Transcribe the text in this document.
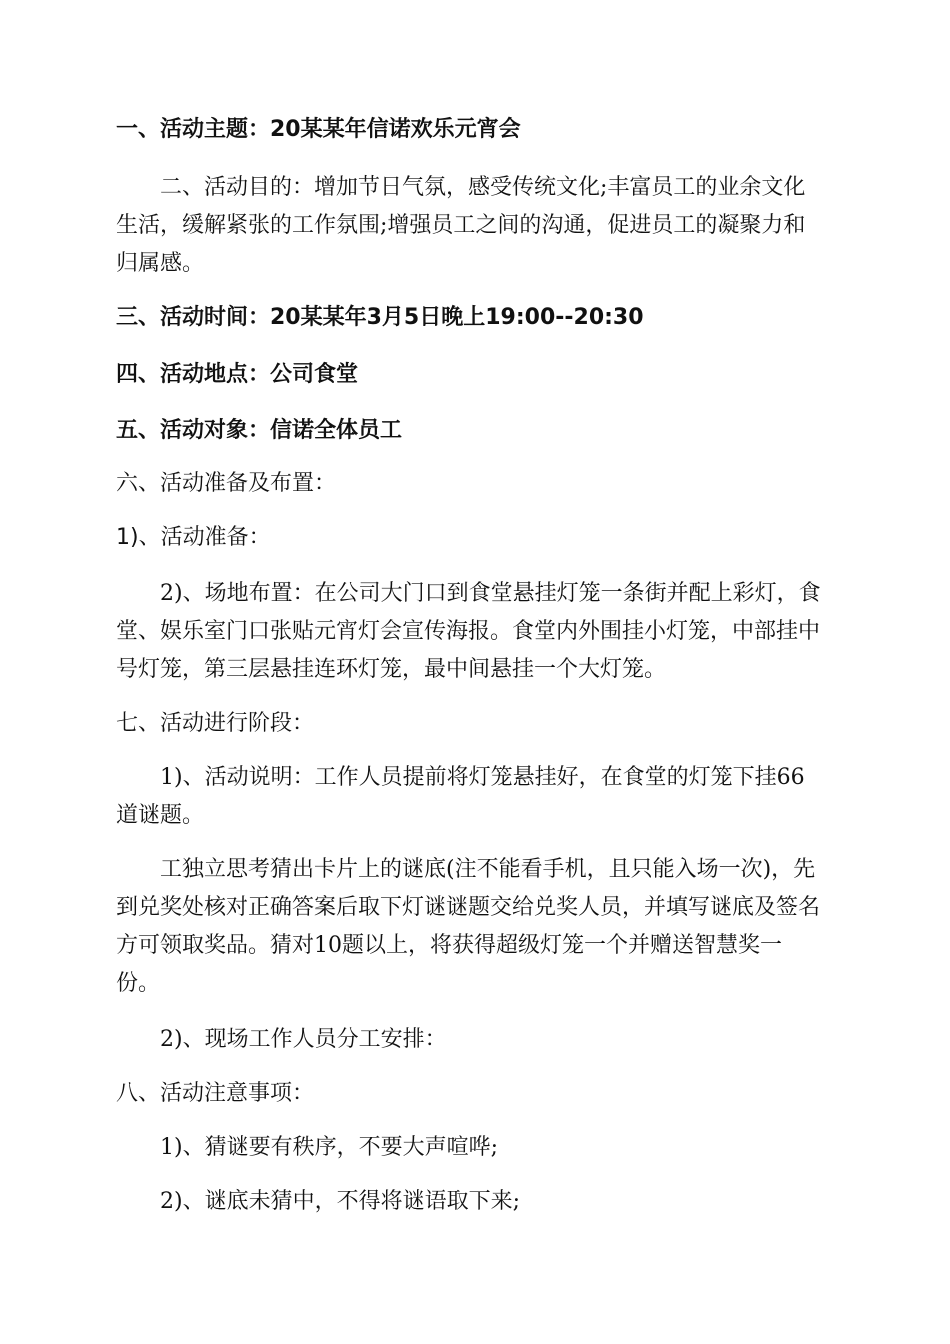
一、活动主题：20某某年信诺欢乐元宵会
二、活动目的：增加节日气氛，感受传统文化;丰富员工的业余文化
生活，缓解紧张的工作氛围;增强员工之间的沟通，促进员工的凝聚力和
归属感。
三、活动时间：20某某年3月5日晚上19:00--20:30
四、活动地点：公司食堂
五、活动对象：信诺全体员工
六、活动准备及布置：
1)、活动准备：
2)、场地布置：在公司大门口到食堂悬挂灯笼一条街并配上彩灯，食
堂、娱乐室门口张贴元宵灯会宣传海报。食堂内外围挂小灯笼，中部挂中
号灯笼，第三层悬挂连环灯笼，最中间悬挂一个大灯笼。
七、活动进行阶段：
1)、活动说明：工作人员提前将灯笼悬挂好，在食堂的灯笼下挂66
道谜题。
工独立思考猜出卡片上的谜底(注不能看手机，且只能入场一次)，先
到兑奖处核对正确答案后取下灯谜谜题交给兑奖人员，并填写谜底及签名
方可领取奖品。猜对10题以上，将获得超级灯笼一个并赠送智慧奖一
份。
2)、现场工作人员分工安排：
八、活动注意事项：
1)、猜谜要有秩序，不要大声喧哗;
2)、谜底未猜中，不得将谜语取下来;
